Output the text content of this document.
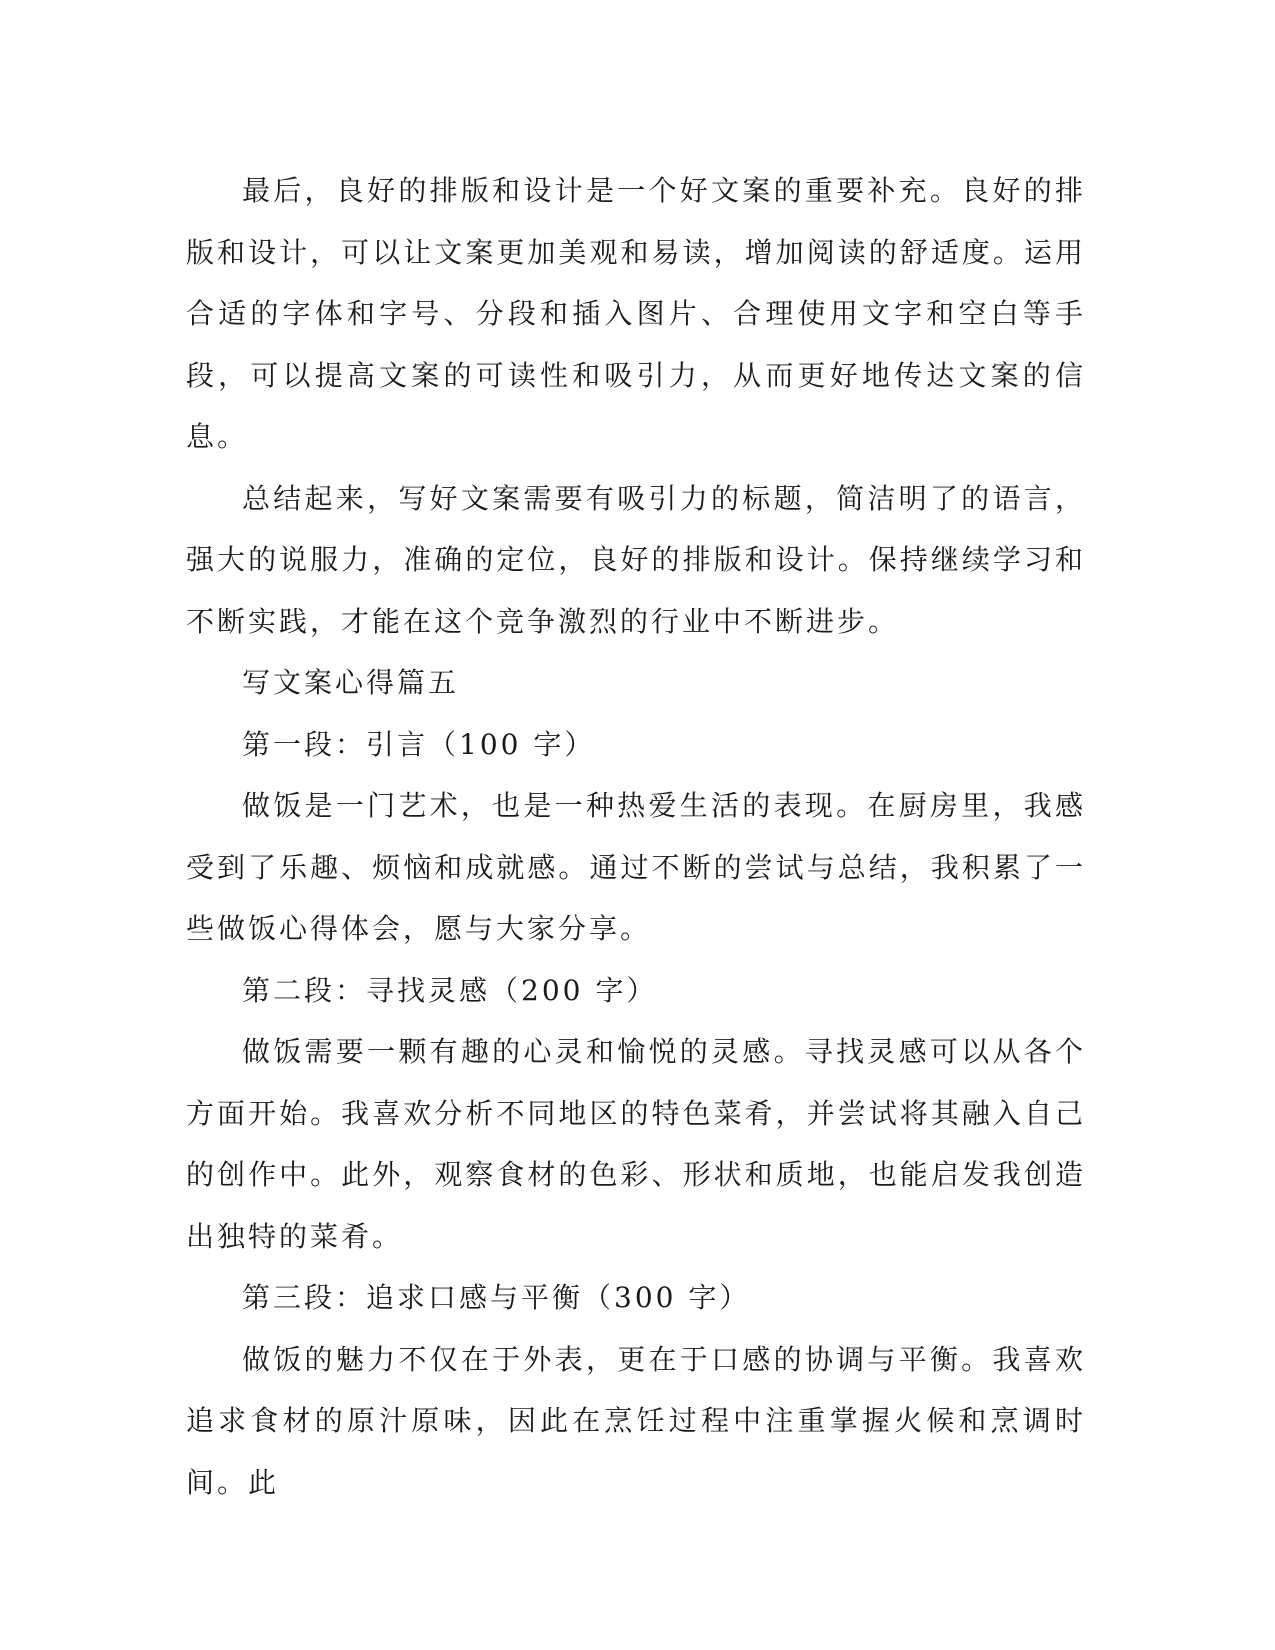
最后，良好的排版和设计是一个好文案的重要补充。良好的排版和设计，可以让文案更加美观和易读，增加阅读的舒适度。运用合适的字体和字号、分段和插入图片、合理使用文字和空白等手段，可以提高文案的可读性和吸引力，从而更好地传达文案的信息。

总结起来，写好文案需要有吸引力的标题，简洁明了的语言，强大的说服力，准确的定位，良好的排版和设计。保持继续学习和不断实践，才能在这个竞争激烈的行业中不断进步。

写文案心得篇五

第一段：引言（100 字）

做饭是一门艺术，也是一种热爱生活的表现。在厨房里，我感受到了乐趣、烦恼和成就感。通过不断的尝试与总结，我积累了一些做饭心得体会，愿与大家分享。

第二段：寻找灵感（200 字）

做饭需要一颗有趣的心灵和愉悦的灵感。寻找灵感可以从各个方面开始。我喜欢分析不同地区的特色菜肴，并尝试将其融入自己的创作中。此外，观察食材的色彩、形状和质地，也能启发我创造出独特的菜肴。

第三段：追求口感与平衡（300 字）

做饭的魅力不仅在于外表，更在于口感的协调与平衡。我喜欢追求食材的原汁原味，因此在烹饪过程中注重掌握火候和烹调时间。此
